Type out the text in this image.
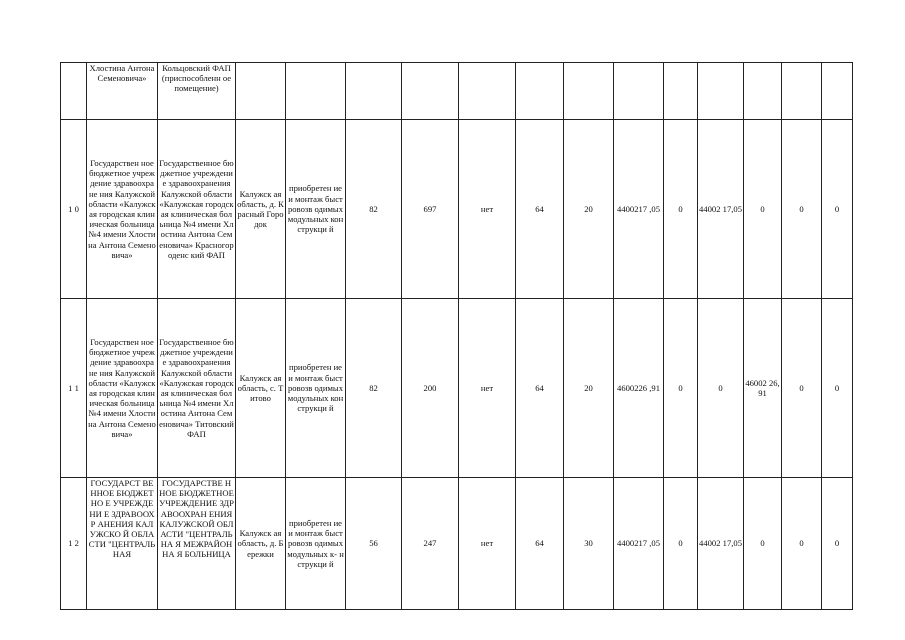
	Хлостина Антона Семеновича»	Кольцовский ФАП (приспособленн ое помещение)													
1 0	Государствен ное бюджетное учреждение здравоохране ния Калужской области «Калужская городская клиническая больница №4 имени Хлостина Антона Семеновича»	Государственное бюджетное учреждение здравоохранения Калужской области «Калужская городская клиническая больница №4 имени Хлостина Антона Семеновича» Красногороденс кий ФАП	Калужск ая область, д. Красный Городок	приобретен ие и монтаж быстровозв одимых модульных конструкци й	82	697	нет	64	20	4400217 ,05	0	44002 17,05	0	0	0
1 1	Государствен ное бюджетное учреждение здравоохране ния Калужской области «Калужская городская клиническая больница №4 имени Хлостина Антона Семеновича»	Государственное бюджетное учреждение здравоохранения Калужской области «Калужская городская клиническая больница №4 имени Хлостина Антона Семеновича» Титовский ФАП	Калужск ая область, с. Титово	приобретен ие и монтаж быстровозв одимых модульных конструкци й	82	200	нет	64	20	4600226 ,91	0	0	46002 26,91	0	0
1 2	ГОСУДАРСТ ВЕННОЕ БЮДЖЕТНО Е УЧРЕЖДЕНИ Е ЗДРАВООХР АНЕНИЯ КАЛУЖСКО Й ОБЛАСТИ "ЦЕНТРАЛЬ НАЯ	ГОСУДАРСТВЕ ННОЕ БЮДЖЕТНОЕ УЧРЕЖДЕНИЕ ЗДРАВООХРАН ЕНИЯ КАЛУЖСКОЙ ОБЛАСТИ "ЦЕНТРАЛЬНА Я МЕЖРАЙОННА Я БОЛЬНИЦА	Калужск ая область, д. Бережки	приобретен ие и монтаж быстровозв одимых модульных к- нструкци й	56	247	нет	64	30	4400217 ,05	0	44002 17,05	0	0	0
